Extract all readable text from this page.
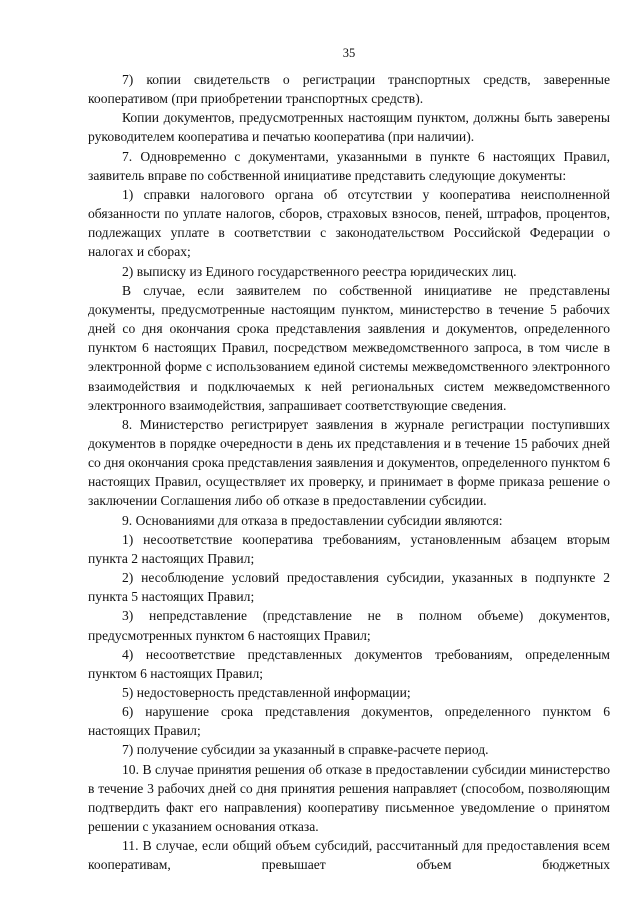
35

7) копии свидетельств о регистрации транспортных средств, заверенные кооперативом (при приобретении транспортных средств).

Копии документов, предусмотренных настоящим пунктом, должны быть заверены руководителем кооператива и печатью кооператива (при наличии).

7. Одновременно с документами, указанными в пункте 6 настоящих Правил, заявитель вправе по собственной инициативе представить следующие документы:

1) справки налогового органа об отсутствии у кооператива неисполненной обязанности по уплате налогов, сборов, страховых взносов, пеней, штрафов, процентов, подлежащих уплате в соответствии с законодательством Российской Федерации о налогах и сборах;

2) выписку из Единого государственного реестра юридических лиц.

В случае, если заявителем по собственной инициативе не представлены документы, предусмотренные настоящим пунктом, министерство в течение 5 рабочих дней со дня окончания срока представления заявления и документов, определенного пунктом 6 настоящих Правил, посредством межведомственного запроса, в том числе в электронной форме с использованием единой системы межведомственного электронного взаимодействия и подключаемых к ней региональных систем межведомственного электронного взаимодействия, запрашивает соответствующие сведения.

8. Министерство регистрирует заявления в журнале регистрации поступивших документов в порядке очередности в день их представления и в течение 15 рабочих дней со дня окончания срока представления заявления и документов, определенного пунктом 6 настоящих Правил, осуществляет их проверку, и принимает в форме приказа решение о заключении Соглашения либо об отказе в предоставлении субсидии.

9. Основаниями для отказа в предоставлении субсидии являются:

1) несоответствие кооператива требованиям, установленным абзацем вторым пункта 2 настоящих Правил;

2) несоблюдение условий предоставления субсидии, указанных в подпункте 2 пункта 5 настоящих Правил;

3) непредставление (представление не в полном объеме) документов, предусмотренных пунктом 6 настоящих Правил;

4) несоответствие представленных документов требованиям, определенным пунктом 6 настоящих Правил;

5) недостоверность представленной информации;

6) нарушение срока представления документов, определенного пунктом 6 настоящих Правил;

7) получение субсидии за указанный в справке-расчете период.

10. В случае принятия решения об отказе в предоставлении субсидии министерство в течение 3 рабочих дней со дня принятия решения направляет (способом, позволяющим подтвердить факт его направления) кооперативу письменное уведомление о принятом решении с указанием основания отказа.

11. В случае, если общий объем субсидий, рассчитанный для предоставления всем кооперативам, превышает объем бюджетных
